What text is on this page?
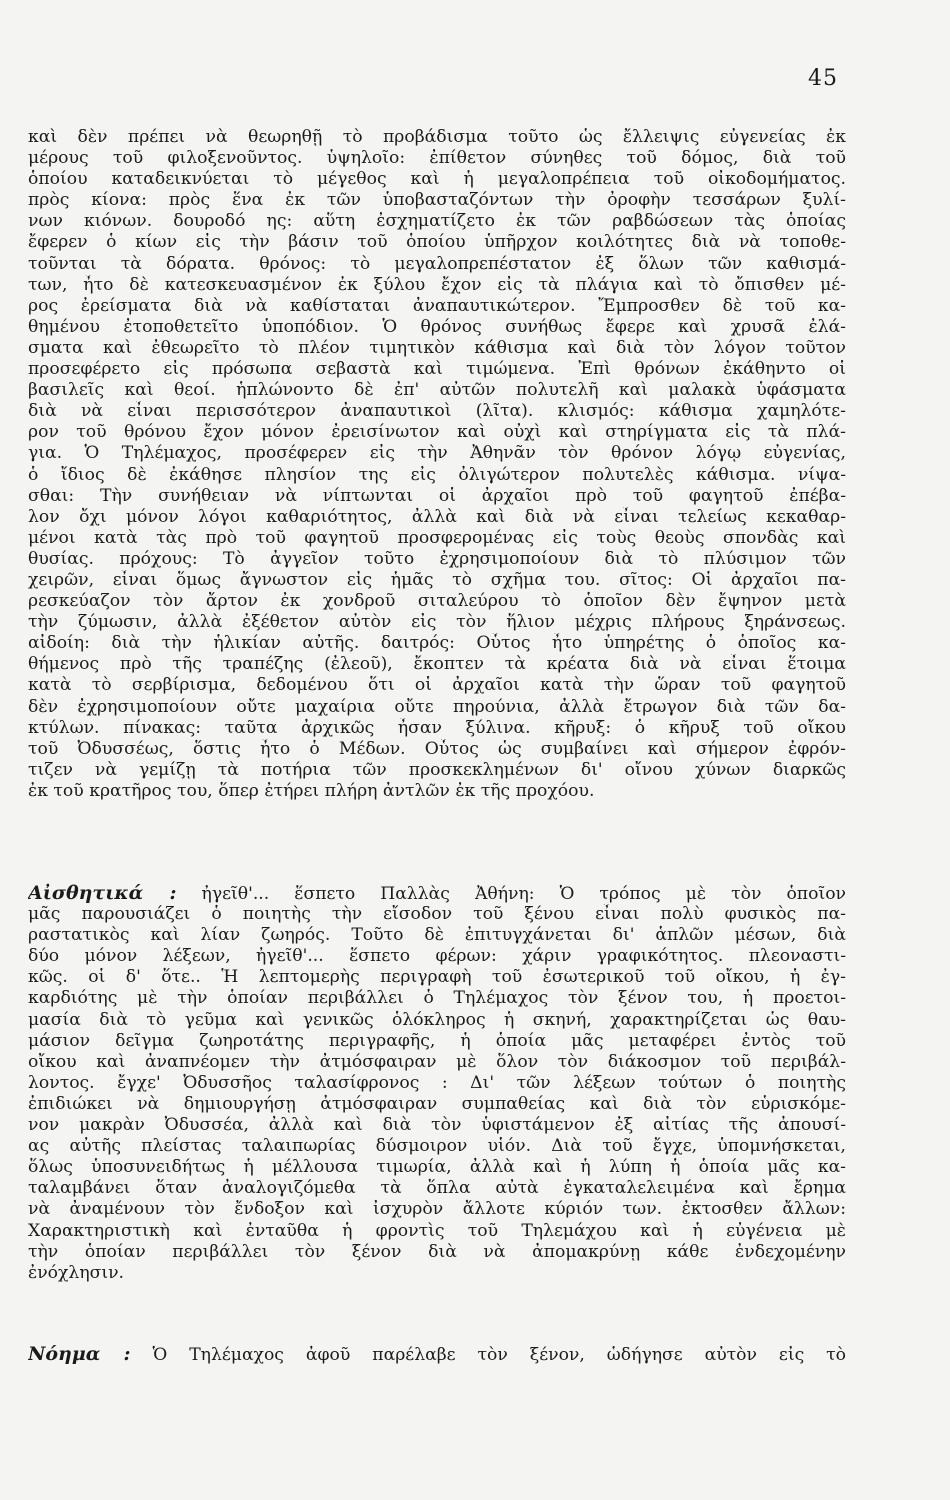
45
καὶ δὲν πρέπει νὰ θεωρηθῇ τὸ προβάδισμα τοῦτο ὡς ἔλλειψις εὐγενείας ἐκ
μέρους τοῦ φιλοξενοῦντος. ὑψηλοῖο: ἐπίθετον σύνηθες τοῦ δόμος, διὰ τοῦ
ὁποίου καταδεικνύεται τὸ μέγεθος καὶ ἡ μεγαλοπρέπεια τοῦ οἰκοδομήματος.
πρὸς κίονα: πρὸς ἕνα ἐκ τῶν ὑποβασταζόντων τὴν ὀροφὴν τεσσάρων ξυλί-
νων κιόνων. δουροδό ης: αὕτη ἐσχηματίζετο ἐκ τῶν ραβδώσεων τὰς ὁποίας
ἔφερεν ὁ κίων εἰς τὴν βάσιν τοῦ ὁποίου ὑπῆρχον κοιλότητες διὰ νὰ τοποθε-
τοῦνται τὰ δόρατα. θρόνος: τὸ μεγαλοπρεπέστατον ἐξ ὅλων τῶν καθισμά-
των, ἦτο δὲ κατεσκευασμένον ἐκ ξύλου ἔχον εἰς τὰ πλάγια καὶ τὸ ὄπισθεν μέ-
ρος ἐρείσματα διὰ νὰ καθίσταται ἀναπαυτικώτερον. Ἔμπροσθεν δὲ τοῦ κα-
θημένου ἐτοποθετεῖτο ὑποπόδιον. Ὁ θρόνος συνήθως ἔφερε καὶ χρυσᾶ ἐλά-
σματα καὶ ἐθεωρεῖτο τὸ πλέον τιμητικὸν κάθισμα καὶ διὰ τὸν λόγον τοῦτον
προσεφέρετο εἰς πρόσωπα σεβαστὰ καὶ τιμώμενα. Ἐπὶ θρόνων ἐκάθηντο οἱ
βασιλεῖς καὶ θεοί. ἡπλώνοντο δὲ ἐπ' αὐτῶν πολυτελῆ καὶ μαλακὰ ὑφάσματα
διὰ νὰ εἶναι περισσότερον ἀναπαυτικοὶ (λῖτα). κλισμός: κάθισμα χαμηλότε-
ρον τοῦ θρόνου ἔχον μόνον ἐρεισίνωτον καὶ οὐχὶ καὶ στηρίγματα εἰς τὰ πλά-
για. Ὁ Τηλέμαχος, προσέφερεν εἰς τὴν Ἀθηνᾶν τὸν θρόνον λόγῳ εὐγενίας,
ὁ ἴδιος δὲ ἐκάθησε πλησίον της εἰς ὀλιγώτερον πολυτελὲς κάθισμα. νίψα-
σθαι: Τὴν συνήθειαν νὰ νίπτωνται οἱ ἀρχαῖοι πρὸ τοῦ φαγητοῦ ἐπέβα-
λον ὄχι μόνον λόγοι καθαριότητος, ἀλλὰ καὶ διὰ νὰ εἶναι τελείως κεκαθαρ-
μένοι κατὰ τὰς πρὸ τοῦ φαγητοῦ προσφερομένας εἰς τοὺς θεοὺς σπονδὰς καὶ
θυσίας. πρόχους: Τὸ ἀγγεῖον τοῦτο ἐχρησιμοποίουν διὰ τὸ πλύσιμον τῶν
χειρῶν, εἶναι ὅμως ἄγνωστον εἰς ἡμᾶς τὸ σχῆμα του. σῖτος: Οἱ ἀρχαῖοι πα-
ρεσκεύαζον τὸν ἄρτον ἐκ χονδροῦ σιταλεύρου τὸ ὁποῖον δὲν ἔψηνον μετὰ
τὴν ζύμωσιν, ἀλλὰ ἐξέθετον αὐτὸν εἰς τὸν ἥλιον μέχρις πλήρους ξηράνσεως.
αἰδοίη: διὰ τὴν ἡλικίαν αὐτῆς. δαιτρός: Οὗτος ἦτο ὑπηρέτης ὁ ὁποῖος κα-
θήμενος πρὸ τῆς τραπέζης (ἐλεοῦ), ἔκοπτεν τὰ κρέατα διὰ νὰ εἶναι ἕτοιμα
κατὰ τὸ σερβίρισμα, δεδομένου ὅτι οἱ ἀρχαῖοι κατὰ τὴν ὥραν τοῦ φαγητοῦ
δὲν ἐχρησιμοποίουν οὔτε μαχαίρια οὔτε πηρούνια, ἀλλὰ ἔτρωγον διὰ τῶν δα-
κτύλων. πίνακας: ταῦτα ἀρχικῶς ἦσαν ξύλινα. κῆρυξ: ὁ κῆρυξ τοῦ οἴκου
τοῦ Ὀδυσσέως, ὅστις ἦτο ὁ Μέδων. Οὗτος ὡς συμβαίνει καὶ σήμερον ἐφρόν-
τιζεν νὰ γεμίζῃ τὰ ποτήρια τῶν προσκεκλημένων δι' οἴνου χύνων διαρκῶς
ἐκ τοῦ κρατῆρος του, ὅπερ ἐτήρει πλήρη ἀντλῶν ἐκ τῆς προχόου.
Αἰσθητικά : ἠγεῖθ'... ἕσπετο Παλλὰς Ἀθήνη: Ὁ τρόπος μὲ τὸν ὁποῖον
μᾶς παρουσιάζει ὁ ποιητὴς τὴν εἴσοδον τοῦ ξένου εἶναι πολὺ φυσικὸς πα-
ραστατικὸς καὶ λίαν ζωηρός. Τοῦτο δὲ ἐπιτυγχάνεται δι' ἁπλῶν μέσων, διὰ
δύο μόνον λέξεων, ἠγεῖθ'... ἕσπετο φέρων: χάριν γραφικότητος. πλεοναστι-
κῶς. οἱ δ' ὅτε.. Ἡ λεπτομερὴς περιγραφὴ τοῦ ἐσωτερικοῦ τοῦ οἴκου, ἡ ἐγ-
καρδιότης μὲ τὴν ὁποίαν περιβάλλει ὁ Τηλέμαχος τὸν ξένον του, ἡ προετοι-
μασία διὰ τὸ γεῦμα καὶ γενικῶς ὁλόκληρος ἡ σκηνή, χαρακτηρίζεται ὡς θαυ-
μάσιον δεῖγμα ζωηροτάτης περιγραφῆς, ἡ ὁποία μᾶς μεταφέρει ἐντὸς τοῦ
οἴκου καὶ ἀναπνέομεν τὴν ἀτμόσφαιραν μὲ ὅλον τὸν διάκοσμον τοῦ περιβάλ-
λοντος. ἔγχε' Ὀδυσσῆος ταλασίφρονος : Δι' τῶν λέξεων τούτων ὁ ποιητὴς
ἐπιδιώκει νὰ δημιουργήσῃ ἀτμόσφαιραν συμπαθείας καὶ διὰ τὸν εὑρισκόμε-
νον μακρὰν Ὀδυσσέα, ἀλλὰ καὶ διὰ τὸν ὑφιστάμενον ἐξ αἰτίας τῆς ἀπουσί-
ας αὐτῆς πλείστας ταλαιπωρίας δύσμοιρον υἱόν. Διὰ τοῦ ἔγχε, ὑπομνήσκεται,
ὅλως ὑποσυνειδήτως ἡ μέλλουσα τιμωρία, ἀλλὰ καὶ ἡ λύπη ἡ ὁποία μᾶς κα-
ταλαμβάνει ὅταν ἀναλογιζόμεθα τὰ ὅπλα αὐτὰ ἐγκαταλελειμένα καὶ ἔρημα
νὰ ἀναμένουν τὸν ἔνδοξον καὶ ἰσχυρὸν ἄλλοτε κύριόν των. ἐκτοσθεν ἄλλων:
Χαρακτηριστικὴ καὶ ἐνταῦθα ἡ φροντὶς τοῦ Τηλεμάχου καὶ ἡ εὐγένεια μὲ
τὴν ὁποίαν περιβάλλει τὸν ξένον διὰ νὰ ἀπομακρύνῃ κάθε ἐνδεχομένην
ἐνόχλησιν.
Νόημα : Ὁ Τηλέμαχος ἀφοῦ παρέλαβε τὸν ξένον, ὡδήγησε αὐτὸν εἰς τὸ
